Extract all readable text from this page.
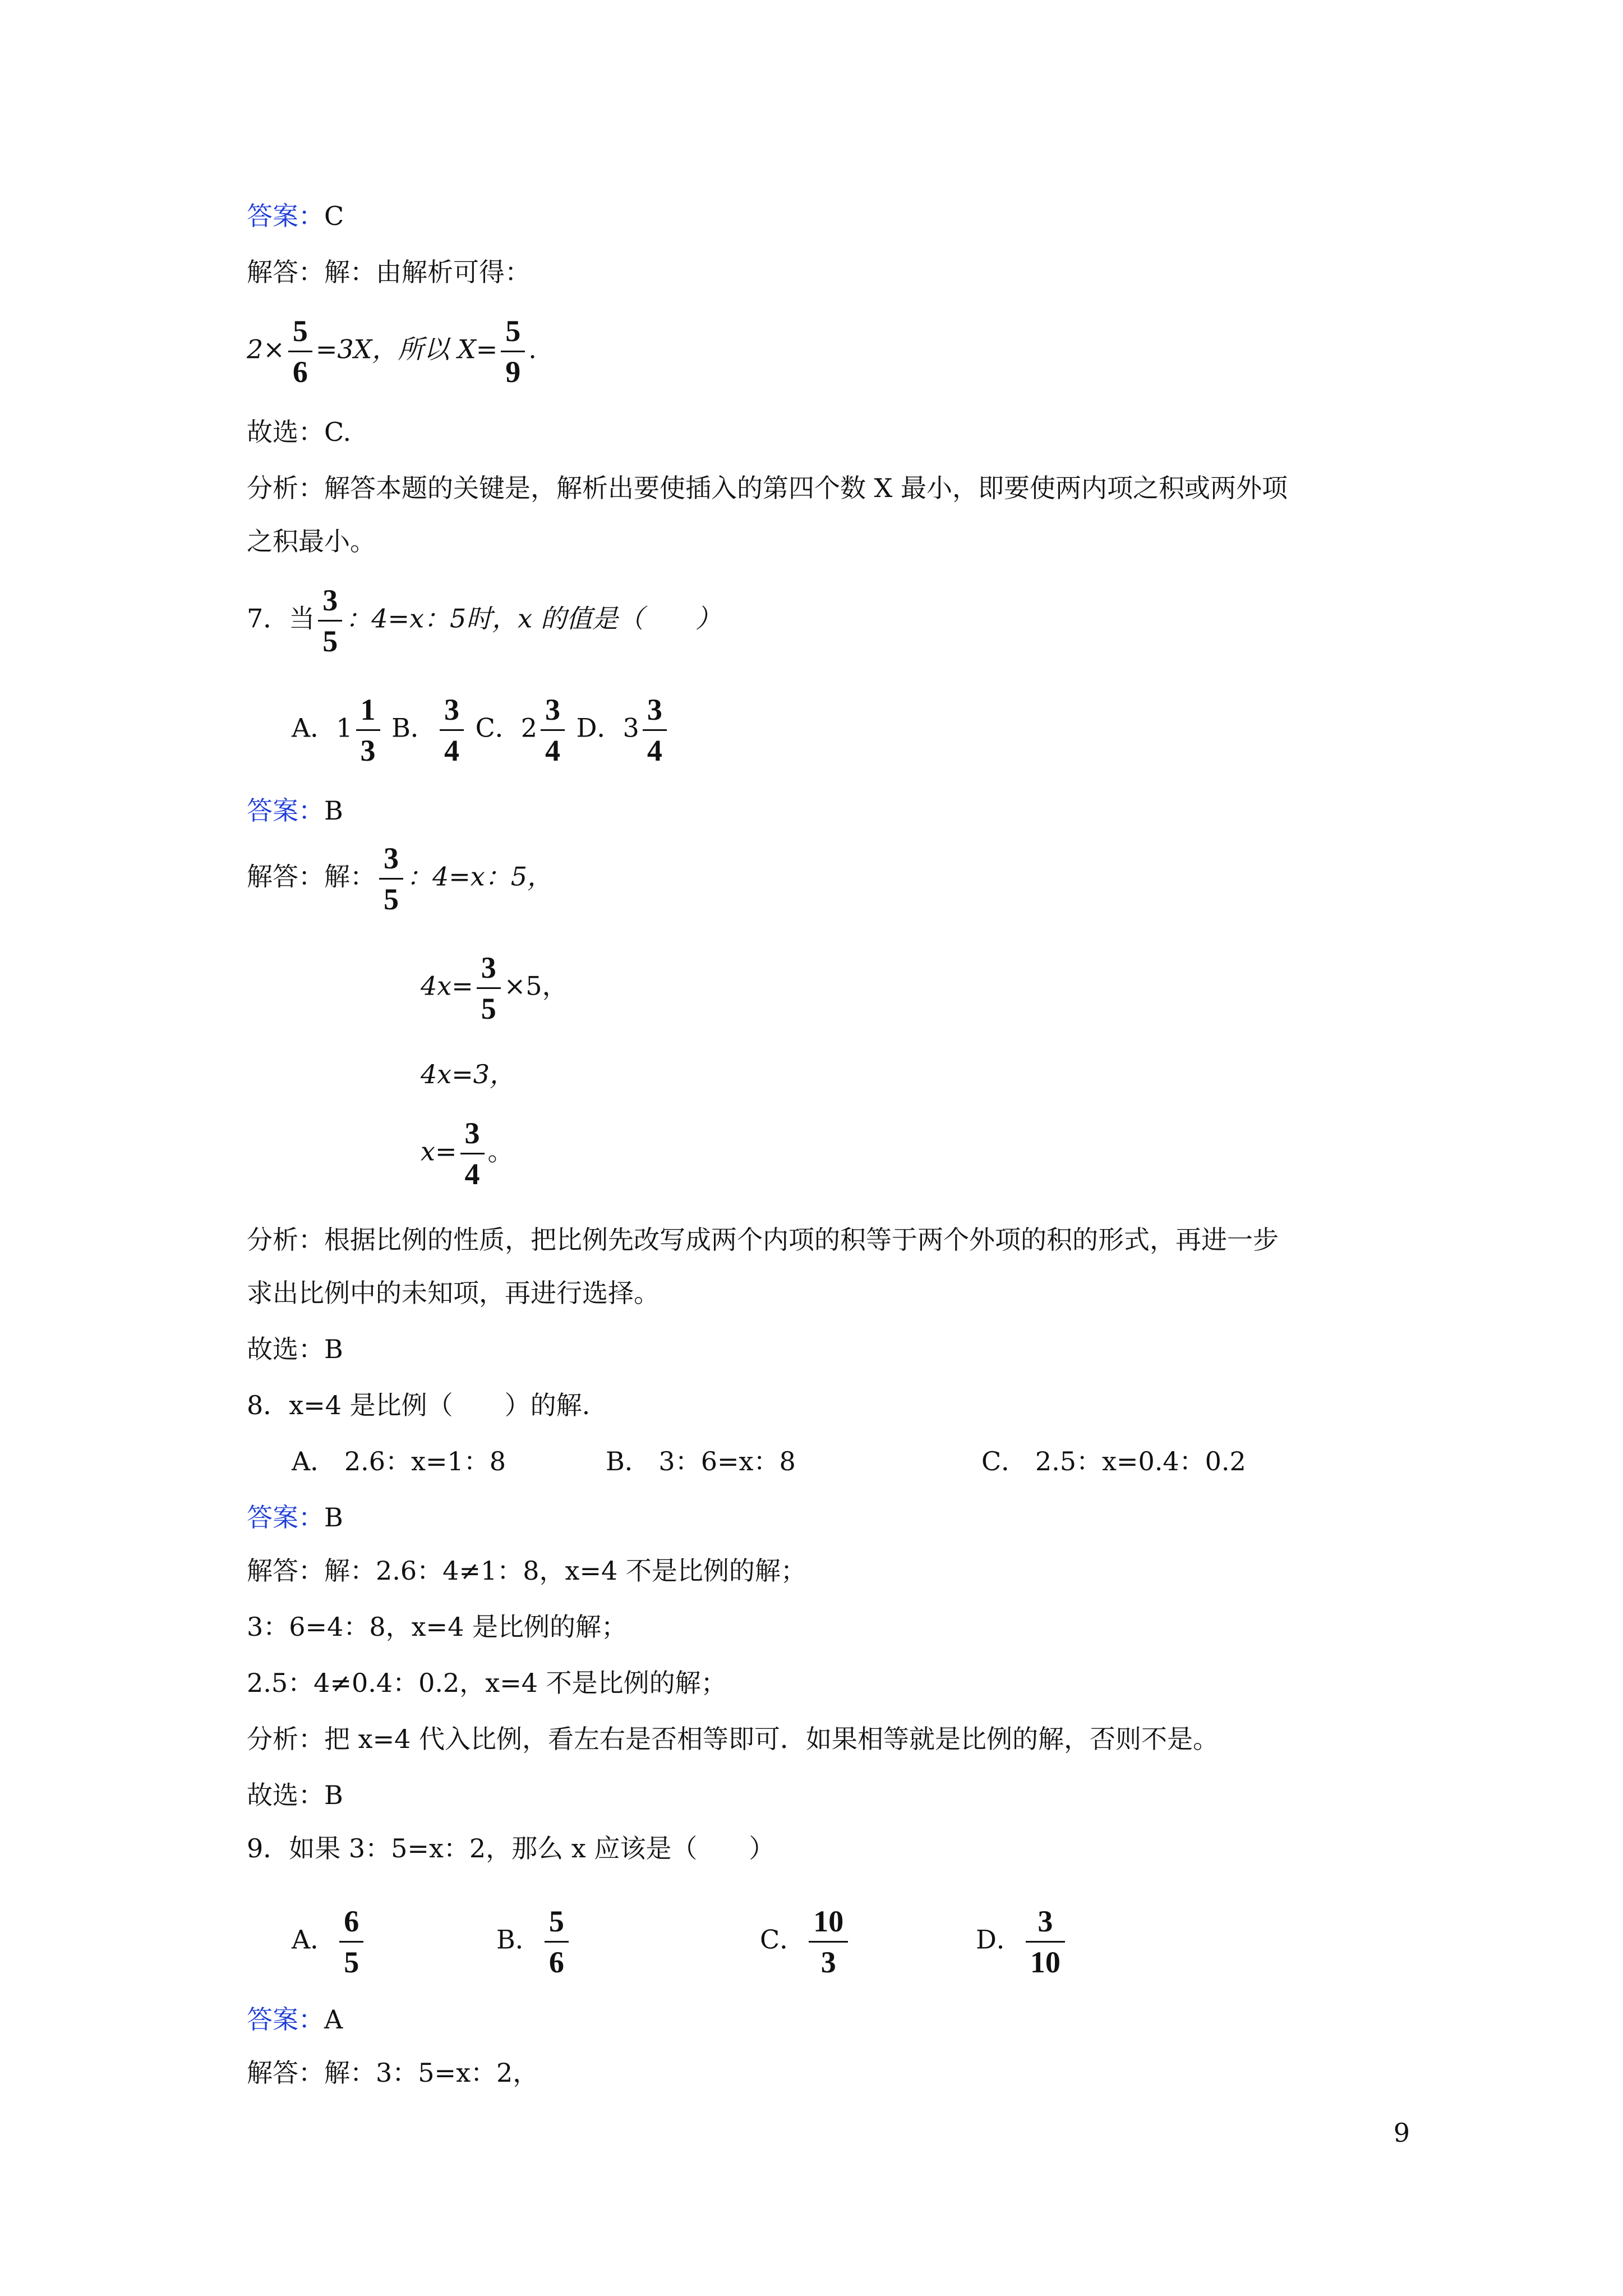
答案：C
解答：解：由解析可得：
$2\times \frac{5}{6} =3X$，所以 $X= \frac{5}{9}$ .
故选：C.
分析：解答本题的关键是，解析出要使插入的第四个数 X 最小，即要使两内项之积或两外项
之积最小。
7．当 $\frac{3}{5}$ ：4=x：5时，x 的值是（　　）
A．$1 \frac{1}{3}$ B． $\frac{3}{4}$ C．$2 \frac{3}{4}$ D．$3 \frac{3}{4}$
答案：B
解答：解： $\frac{3}{5}$ ：4=x：5，
$4x= \frac{3}{5} \times 5$，
4x=3，
$x= \frac{3}{4}$ 。
分析：根据比例的性质，把比例先改写成两个内项的积等于两个外项的积的形式，再进一步
求出比例中的未知项，再进行选择。
故选：B
8．x=4 是比例（　　）的解.
A． 2.6：x=1：8	B． 3：6=x：8	C． 2.5：x=0.4：0.2
答案：B
解答：解：2.6：4≠1：8，x=4 不是比例的解；
3：6=4：8，x=4 是比例的解；
2.5：4≠0.4：0.2，x=4 不是比例的解；
分析：把 x=4 代入比例，看左右是否相等即可．如果相等就是比例的解，否则不是。
故选：B
9．如果 3：5=x：2，那么 x 应该是（　　）
A． $\frac{6}{5}$	B． $\frac{5}{6}$	C． $\frac{10}{3}$	D． $\frac{3}{10}$
答案：A
解答：解：3：5=x：2，
9
